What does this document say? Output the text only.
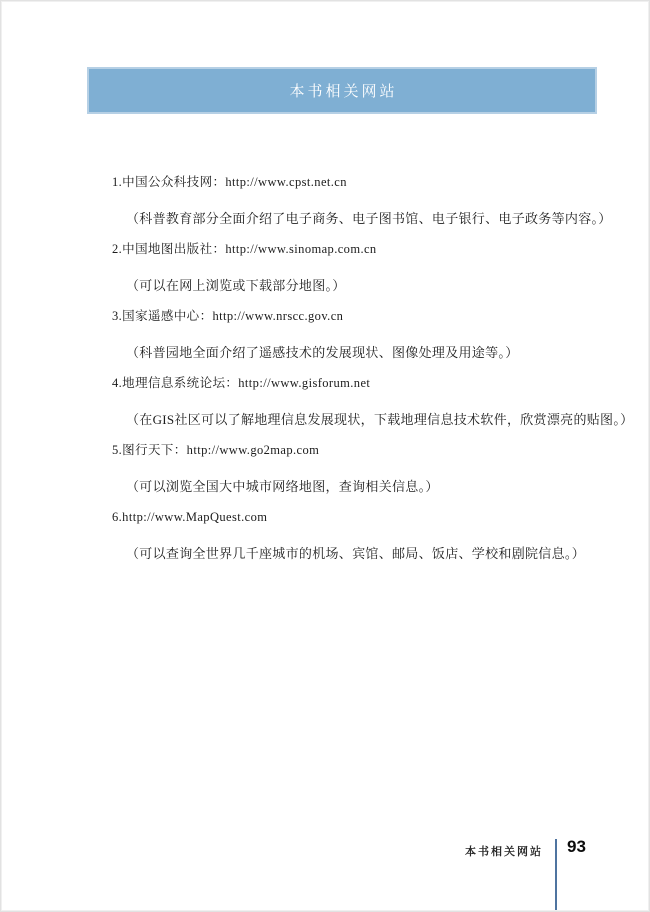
本书相关网站

1.中国公众科技网：http://www.cpst.net.cn

（科普教育部分全面介绍了电子商务、电子图书馆、电子银行、电子政务等内容。）

2.中国地图出版社：http://www.sinomap.com.cn

（可以在网上浏览或下载部分地图。）

3.国家遥感中心：http://www.nrscc.gov.cn

（科普园地全面介绍了遥感技术的发展现状、图像处理及用途等。）

4.地理信息系统论坛：http://www.gisforum.net

（在GIS社区可以了解地理信息发展现状，下载地理信息技术软件，欣赏漂亮的贴图。）

5.图行天下：http://www.go2map.com

（可以浏览全国大中城市网络地图，查询相关信息。）

6.http://www.MapQuest.com

（可以查询全世界几千座城市的机场、宾馆、邮局、饭店、学校和剧院信息。）

本书相关网站 93
